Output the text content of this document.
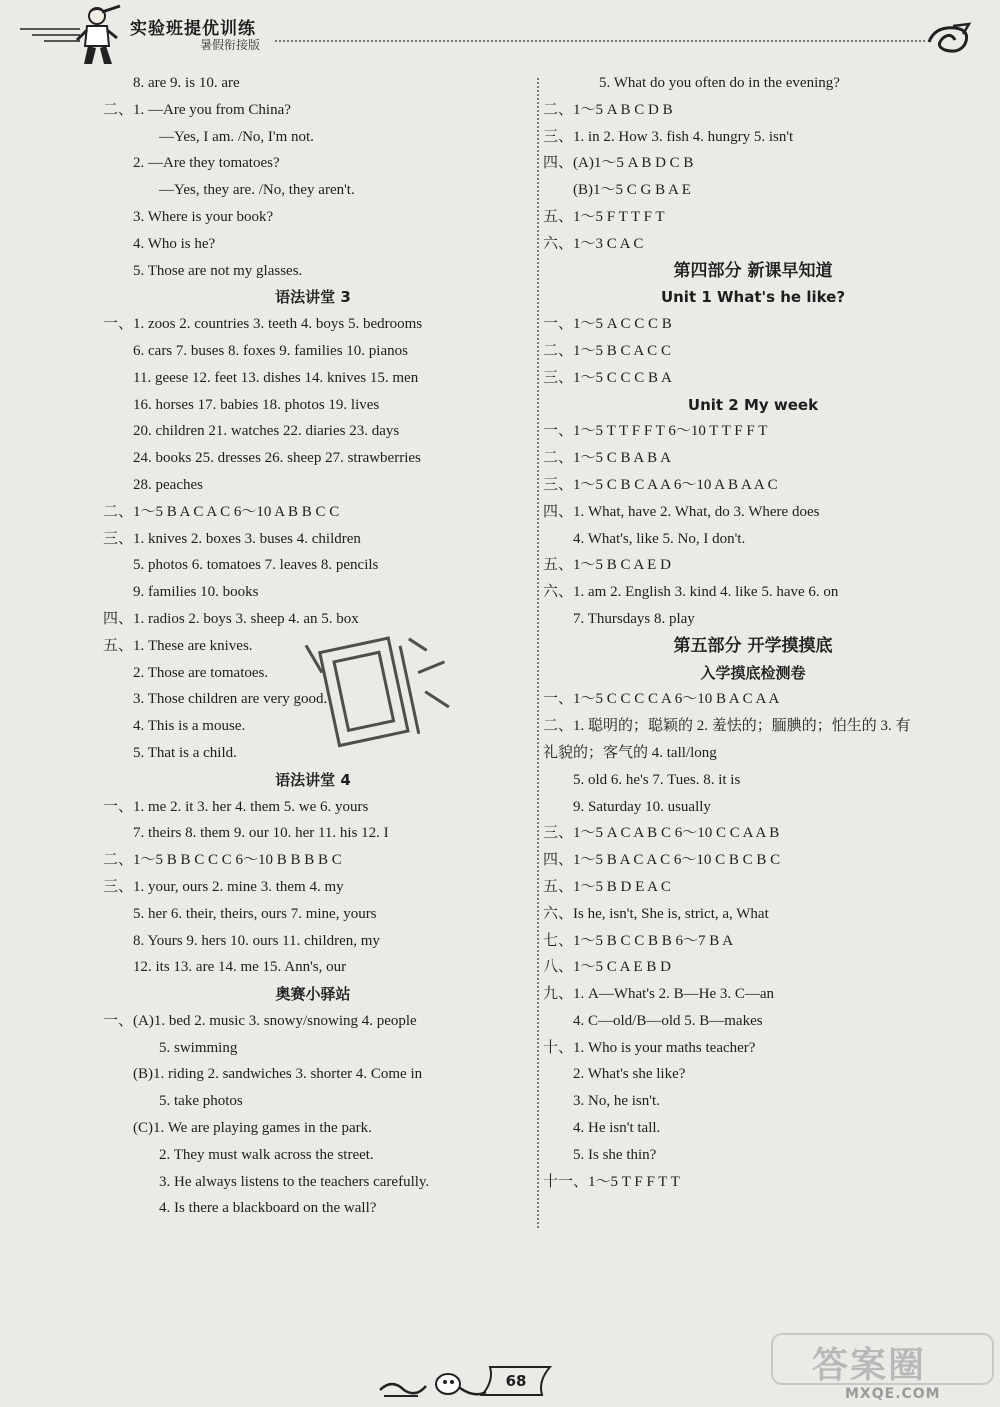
实验班提优训练
暑假衔接版
8. are 9. is 10. are
二、1. —Are you from China?
—Yes, I am. /No, I'm not.
2. —Are they tomatoes?
—Yes, they are. /No, they aren't.
3. Where is your book?
4. Who is he?
5. Those are not my glasses.
语法讲堂 3
一、1. zoos 2. countries 3. teeth 4. boys 5. bedrooms
6. cars 7. buses 8. foxes 9. families 10. pianos
11. geese 12. feet 13. dishes 14. knives 15. men
16. horses 17. babies 18. photos 19. lives
20. children 21. watches 22. diaries 23. days
24. books 25. dresses 26. sheep 27. strawberries
28. peaches
二、1～5 B A C A C 6～10 A B B C C
三、1. knives 2. boxes 3. buses 4. children
5. photos 6. tomatoes 7. leaves 8. pencils
9. families 10. books
四、1. radios 2. boys 3. sheep 4. an 5. box
五、1. These are knives.
2. Those are tomatoes.
3. Those children are very good.
4. This is a mouse.
5. That is a child.
语法讲堂 4
一、1. me 2. it 3. her 4. them 5. we 6. yours
7. theirs 8. them 9. our 10. her 11. his 12. I
二、1～5 B B C C C 6～10 B B B B C
三、1. your, ours 2. mine 3. them 4. my
5. her 6. their, theirs, ours 7. mine, yours
8. Yours 9. hers 10. ours 11. children, my
12. its 13. are 14. me 15. Ann's, our
奥赛小驿站
一、(A)1. bed 2. music 3. snowy/snowing 4. people
5. swimming
(B)1. riding 2. sandwiches 3. shorter 4. Come in
5. take photos
(C)1. We are playing games in the park.
2. They must walk across the street.
3. He always listens to the teachers carefully.
4. Is there a blackboard on the wall?
5. What do you often do in the evening?
二、1～5 A B C D B
三、1. in 2. How 3. fish 4. hungry 5. isn't
四、(A)1～5 A B D C B
(B)1～5 C G B A E
五、1～5 F T T F T
六、1～3 C A C
第四部分 新课早知道
Unit 1 What's he like?
一、1～5 A C C C B
二、1～5 B C A C C
三、1～5 C C C B A
Unit 2 My week
一、1～5 T T F F T 6～10 T T F F T
二、1～5 C B A B A
三、1～5 C B C A A 6～10 A B A A C
四、1. What, have 2. What, do 3. Where does
4. What's, like 5. No, I don't.
五、1～5 B C A E D
六、1. am 2. English 3. kind 4. like 5. have 6. on
7. Thursdays 8. play
第五部分 开学摸摸底
入学摸底检测卷
一、1～5 C C C C A 6～10 B A C A A
二、1. 聪明的；聪颖的 2. 羞怯的；腼腆的；怕生的 3. 有
礼貌的；客气的 4. tall/long
5. old 6. he's 7. Tues. 8. it is
9. Saturday 10. usually
三、1～5 A C A B C 6～10 C C A A B
四、1～5 B A C A C 6～10 C B C B C
五、1～5 B D E A C
六、Is he, isn't, She is, strict, a, What
七、1～5 B C C B B 6～7 B A
八、1～5 C A E B D
九、1. A—What's 2. B—He 3. C—an
4. C—old/B—old 5. B—makes
十、1. Who is your maths teacher?
2. What's she like?
3. No, he isn't.
4. He isn't tall.
5. Is she thin?
十一、1～5 T F F T T
68	答案圈
MXQE.COM
